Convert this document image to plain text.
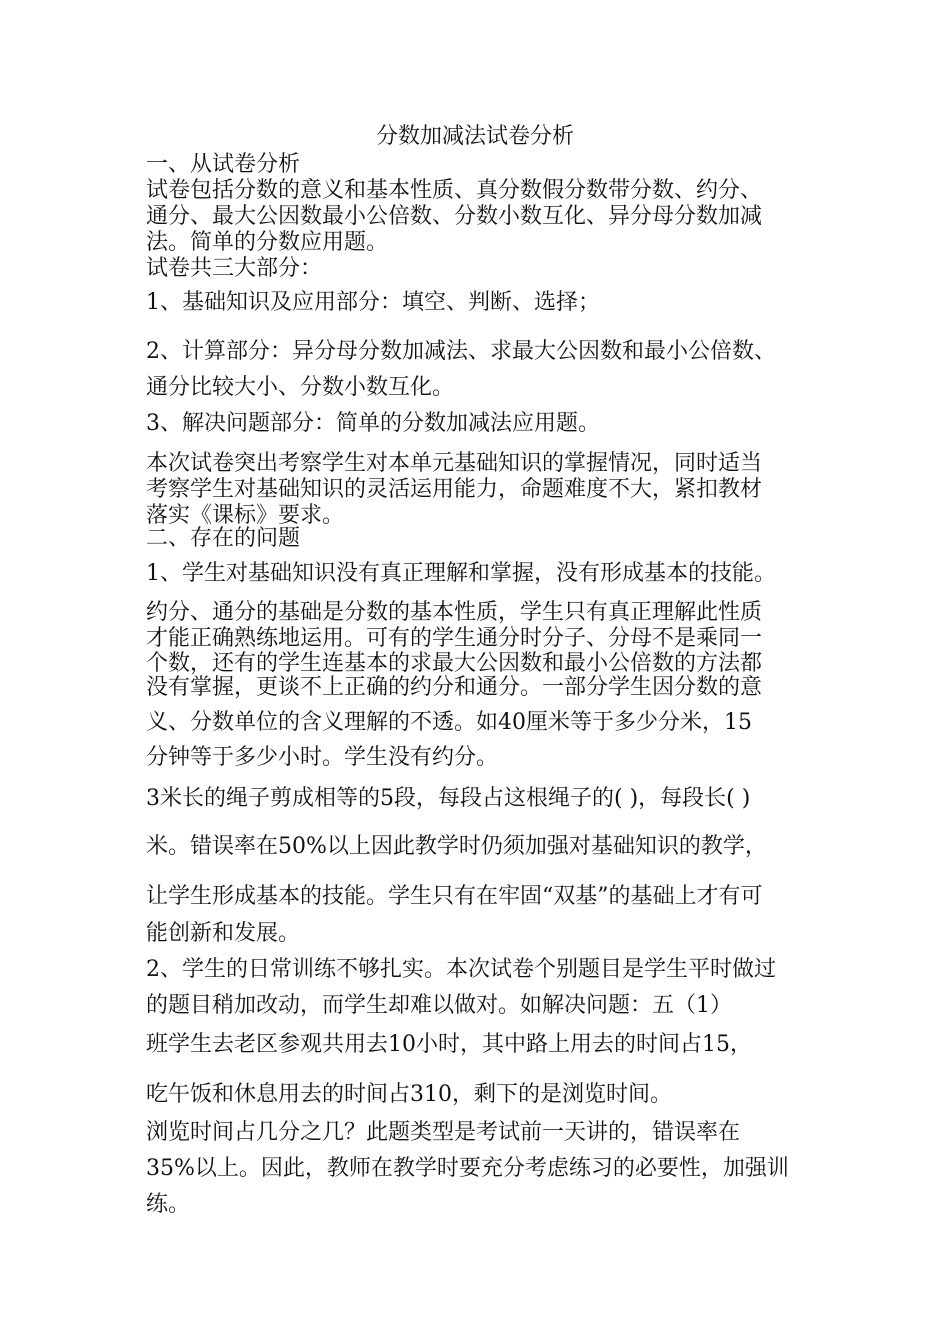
分数加减法试卷分析
一、从试卷分析
试卷包括分数的意义和基本性质、真分数假分数带分数、约分、
通分、最大公因数最小公倍数、分数小数互化、异分母分数加减
法。简单的分数应用题。
试卷共三大部分：
1、基础知识及应用部分：填空、判断、选择；
2、计算部分：异分母分数加减法、求最大公因数和最小公倍数、
通分比较大小、分数小数互化。
3、解决问题部分：简单的分数加减法应用题。
本次试卷突出考察学生对本单元基础知识的掌握情况，同时适当
考察学生对基础知识的灵活运用能力，命题难度不大，紧扣教材
落实《课标》要求。
二、存在的问题
1、学生对基础知识没有真正理解和掌握，没有形成基本的技能。
约分、通分的基础是分数的基本性质，学生只有真正理解此性质
才能正确熟练地运用。可有的学生通分时分子、分母不是乘同一
个数，还有的学生连基本的求最大公因数和最小公倍数的方法都
没有掌握，更谈不上正确的约分和通分。一部分学生因分数的意
义、分数单位的含义理解的不透。如40厘米等于多少分米，15
分钟等于多少小时。学生没有约分。
3米长的绳子剪成相等的5段，每段占这根绳子的( )，每段长( )
米。错误率在50%以上因此教学时仍须加强对基础知识的教学，
让学生形成基本的技能。学生只有在牢固“双基”的基础上才有可
能创新和发展。
2、学生的日常训练不够扎实。本次试卷个别题目是学生平时做过
的题目稍加改动，而学生却难以做对。如解决问题：五（1）
班学生去老区参观共用去10小时，其中路上用去的时间占15，
吃午饭和休息用去的时间占310，剩下的是浏览时间。
浏览时间占几分之几？此题类型是考试前一天讲的，错误率在
35%以上。因此，教师在教学时要充分考虑练习的必要性，加强训
练。
